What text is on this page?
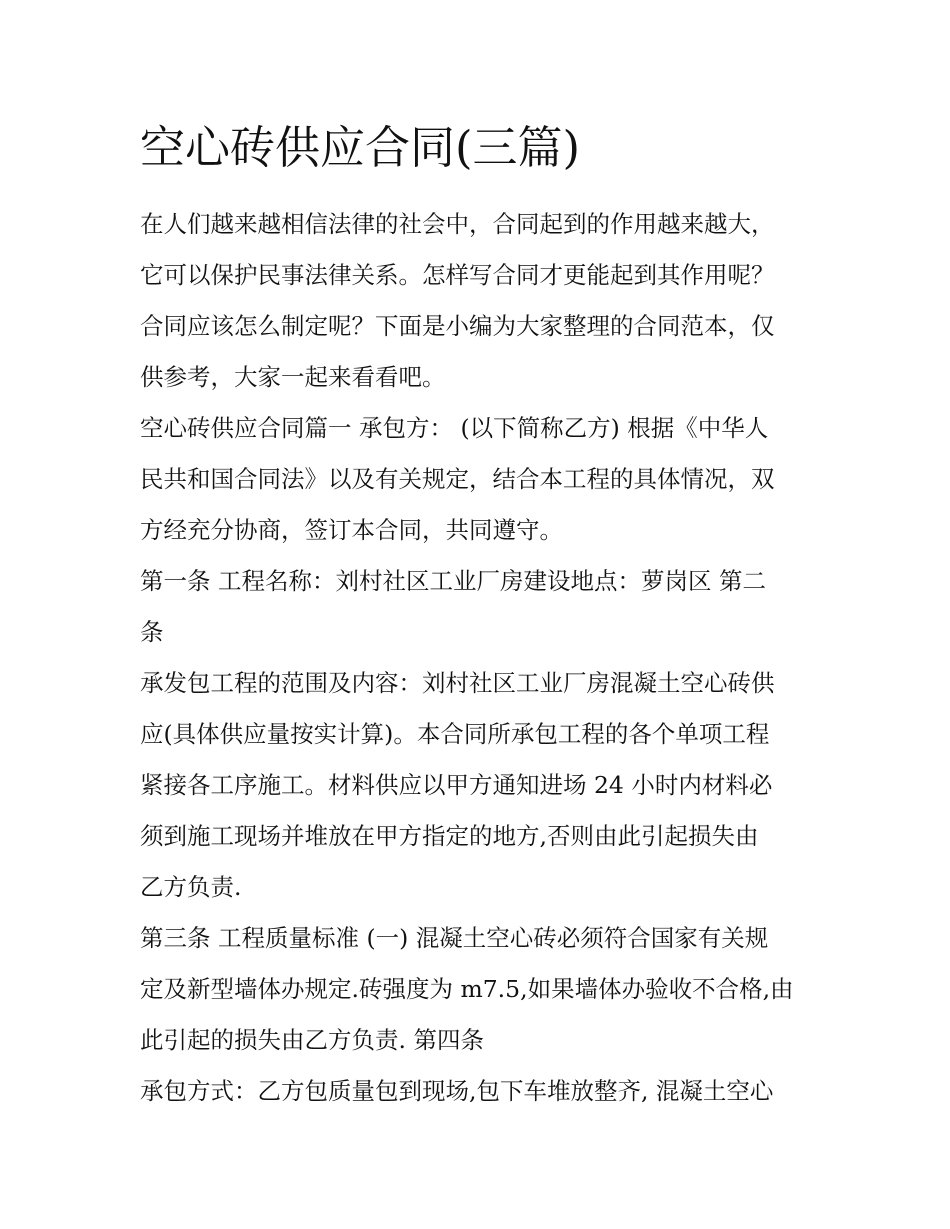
空心砖供应合同(三篇)

在人们越来越相信法律的社会中，合同起到的作用越来越大，
它可以保护民事法律关系。怎样写合同才更能起到其作用呢？
合同应该怎么制定呢？下面是小编为大家整理的合同范本，仅
供参考，大家一起来看看吧。

空心砖供应合同篇一 承包方： (以下简称乙方) 根据《中华人
民共和国合同法》以及有关规定，结合本工程的具体情况，双
方经充分协商，签订本合同，共同遵守。

第一条 工程名称：刘村社区工业厂房建设地点：萝岗区 第二
条

承发包工程的范围及内容：刘村社区工业厂房混凝土空心砖供
应(具体供应量按实计算)。本合同所承包工程的各个单项工程
紧接各工序施工。材料供应以甲方通知进场 24 小时内材料必
须到施工现场并堆放在甲方指定的地方,否则由此引起损失由
乙方负责.

第三条 工程质量标准 (一) 混凝土空心砖必须符合国家有关规
定及新型墙体办规定.砖强度为 m7.5,如果墙体办验收不合格,由
此引起的损失由乙方负责. 第四条

承包方式：乙方包质量包到现场,包下车堆放整齐, 混凝土空心
